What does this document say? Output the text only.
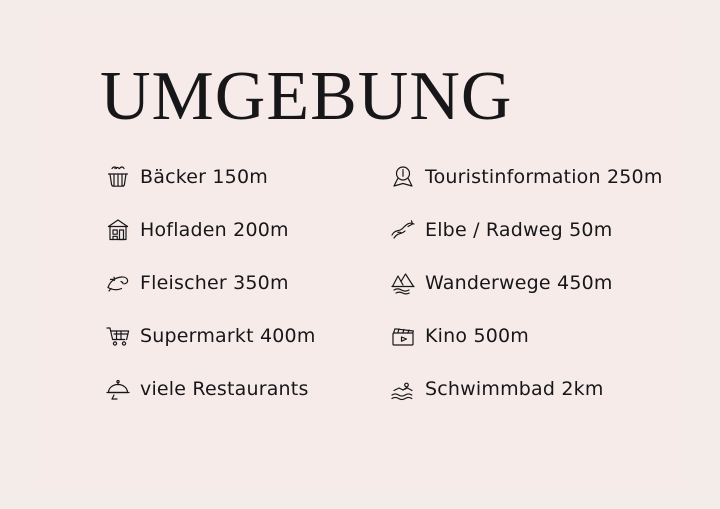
UMGEBUNG
Bäcker 150m
Hofladen 200m
Fleischer 350m
Supermarkt 400m
viele Restaurants
Touristinformation 250m
Elbe / Radweg 50m
Wanderwege 450m
Kino 500m
Schwimmbad 2km
